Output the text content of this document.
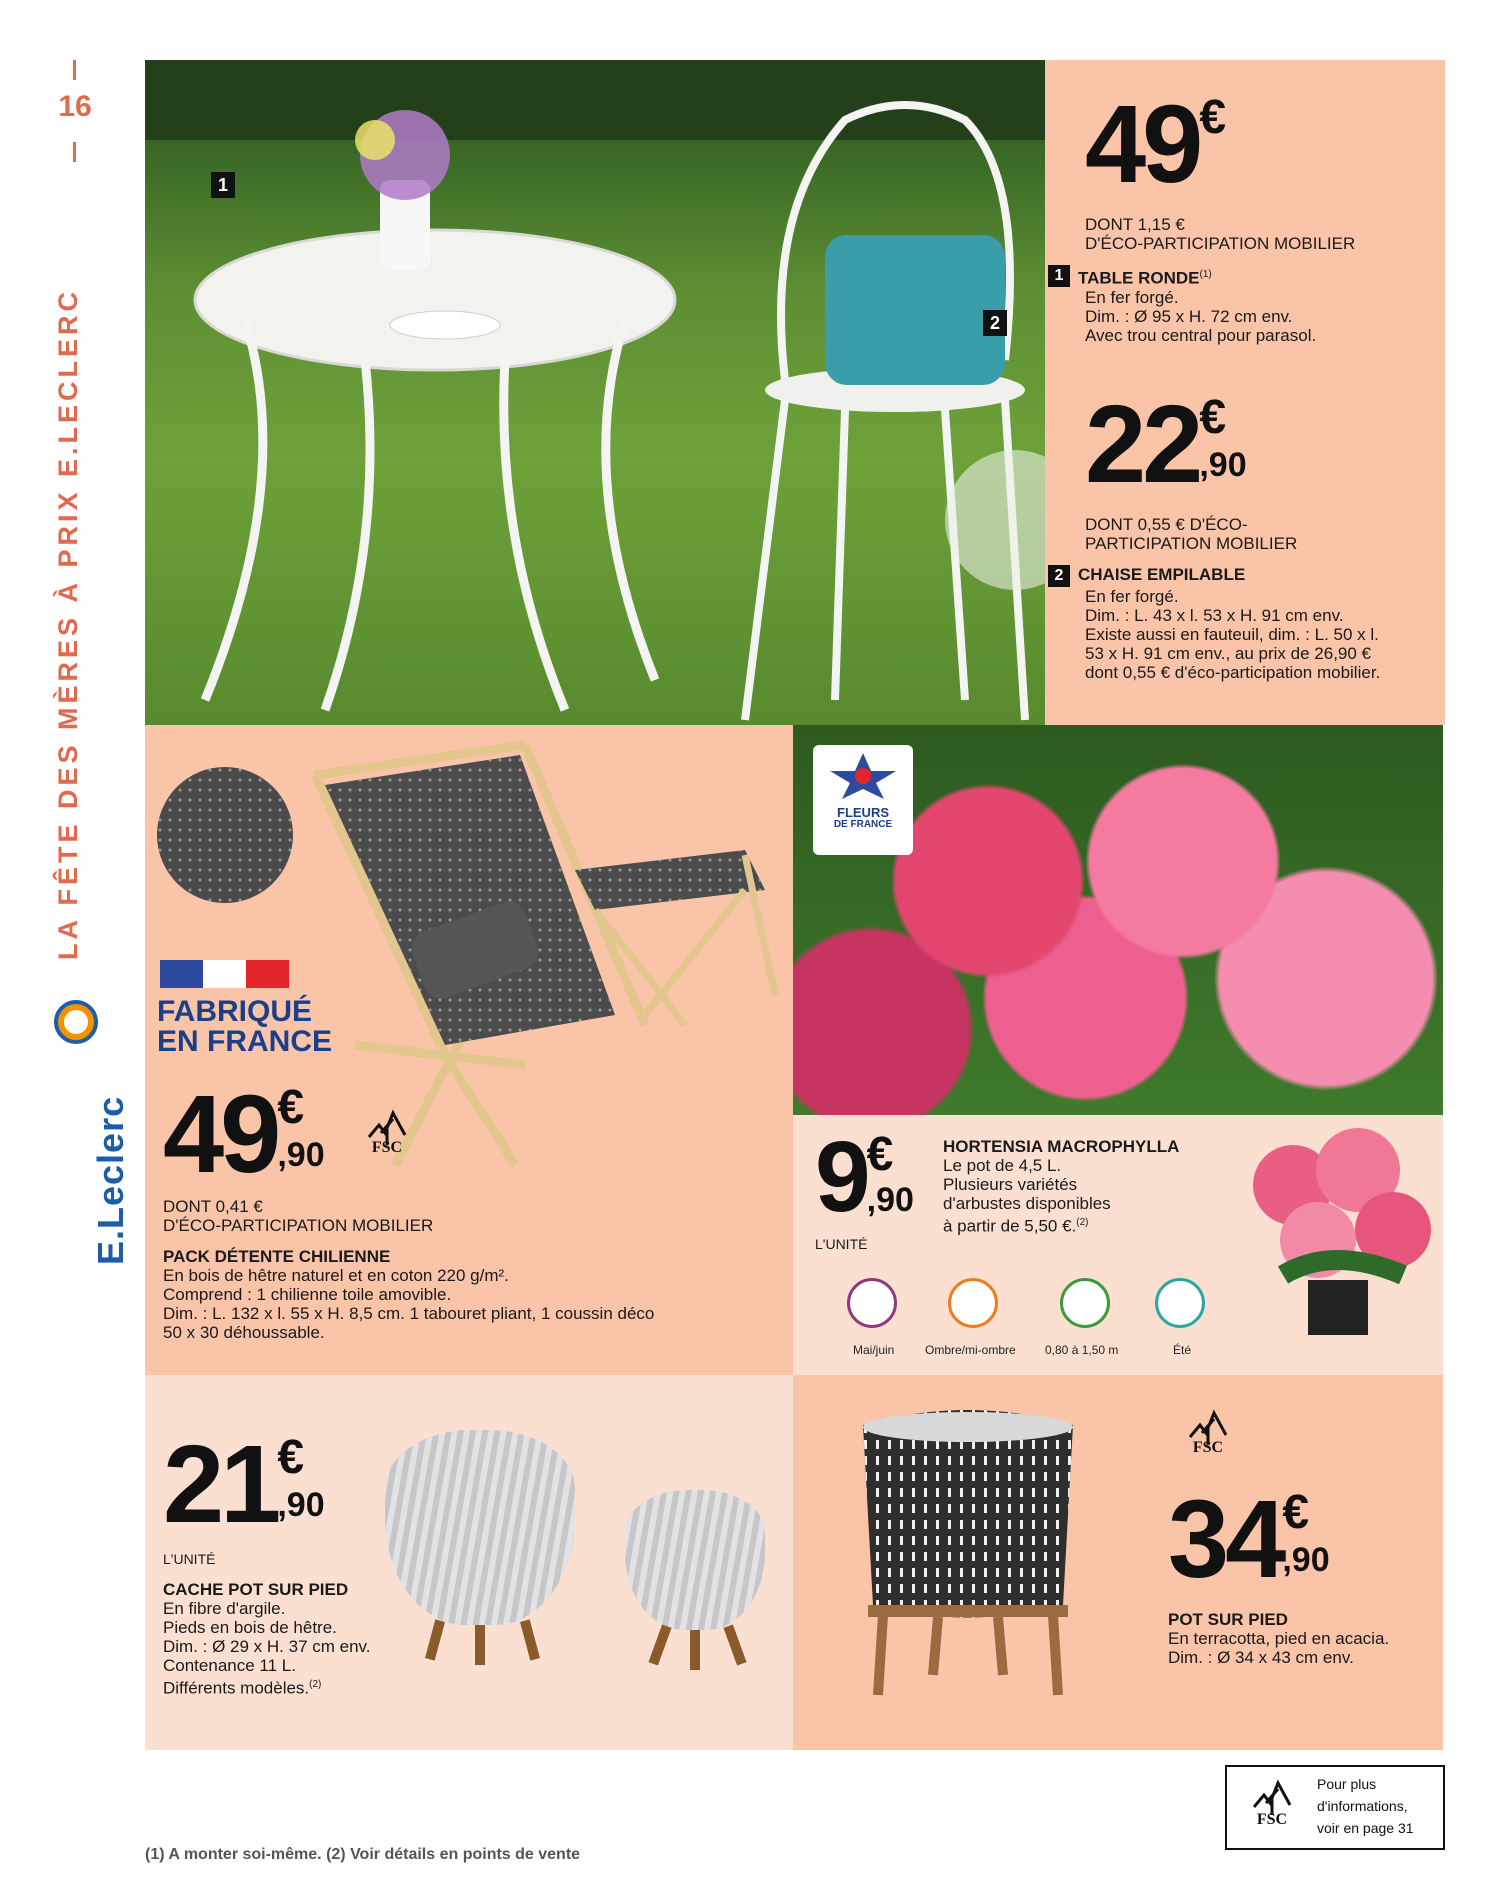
16
LA FÊTE DES MÈRES À PRIX E.LECLERC
E.Leclerc
1
2
49€
DONT 1,15 €
D'ÉCO-PARTICIPATION MOBILIER
1 TABLE RONDE$^{(1)}$
En fer forgé.
Dim. : Ø 95 x H. 72 cm env.
Avec trou central pour parasol.
22 €
,90
DONT 0,55 € D'ÉCO-
PARTICIPATION MOBILIER
2 CHAISE EMPILABLE
En fer forgé.
Dim. : L. 43 x l. 53 x H. 91 cm env.
Existe aussi en fauteuil, dim. : L. 50 x l.
53 x H. 91 cm env., au prix de 26,90 €
dont 0,55 € d'éco-participation mobilier.
FABRIQUÉ
EN FRANCE
49 €
,90	FSC
DONT 0,41 €
D'ÉCO-PARTICIPATION MOBILIER
PACK DÉTENTE CHILIENNE
En bois de hêtre naturel et en coton 220 g/m².
Comprend : 1 chilienne toile amovible.
Dim. : L. 132 x l. 55 x H. 8,5 cm. 1 tabouret pliant, 1 coussin déco
50 x 30 déhoussable.
FLEURS
DE FRANCE
9 €
,90
L'UNITÉ
HORTENSIA MACROPHYLLA
Le pot de 4,5 L.
Plusieurs variétés
d'arbustes disponibles
à partir de 5,50 €.$^{(2)}$
Mai/juin	Ombre/mi-ombre 0,80 à 1,50 m	Été
21 €
,90
L'UNITÉ
CACHE POT SUR PIED
En fibre d'argile.
Pieds en bois de hêtre.
Dim. : Ø 29 x H. 37 cm env.
Contenance 11 L.
Différents modèles.$^{(2)}$
FSC
34 €
,90
POT SUR PIED
En terracotta, pied en acacia.
Dim. : Ø 34 x 43 cm env.
(1) A monter soi-même. (2) Voir détails en points de vente
FSC
Pour plus
d'informations,
voir en page 31
